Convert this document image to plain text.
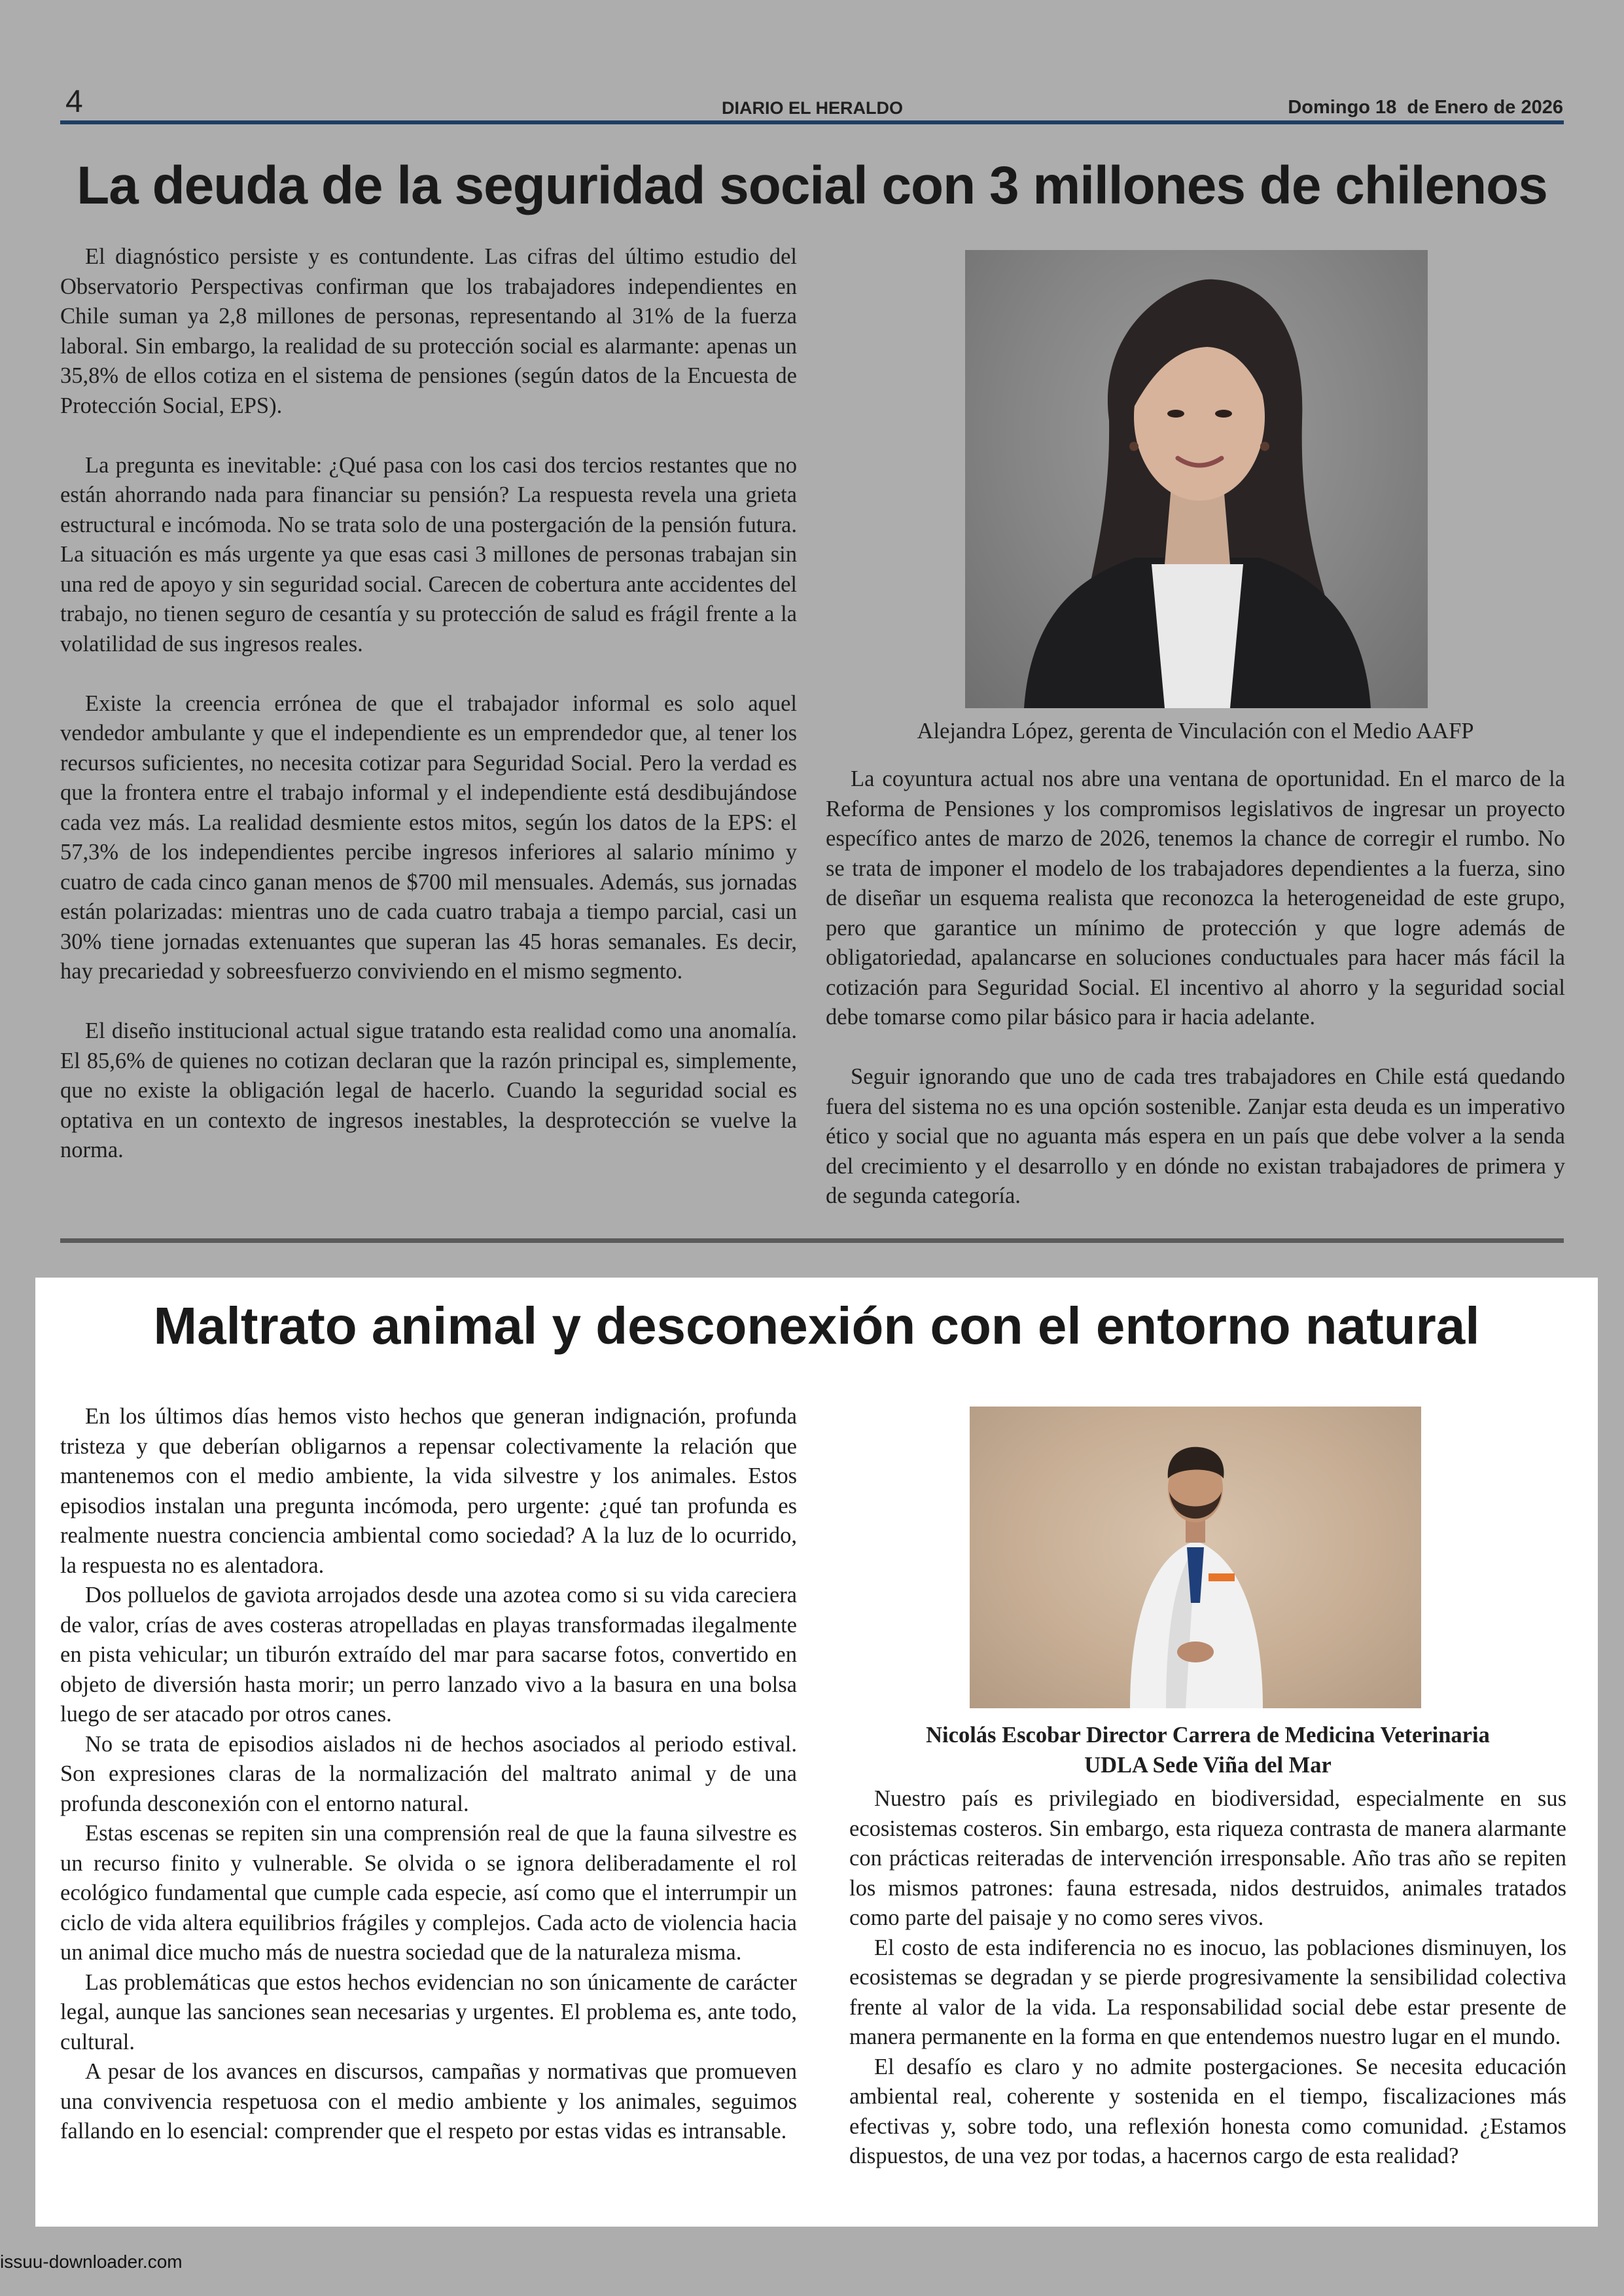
4	DIARIO EL HERALDO	Domingo 18  de Enero de 2026
La deuda de la seguridad social con 3 millones de chilenos

El diagnóstico persiste y es contundente. Las cifras del último estudio del Observatorio Perspectivas confirman que los trabajadores independientes en Chile suman ya 2,8 millones de personas, representando al 31% de la fuerza laboral. Sin embargo, la realidad de su protección social es alarmante: apenas un 35,8% de ellos cotiza en el sistema de pensiones (según datos de la Encuesta de Protección Social, EPS).

La pregunta es inevitable: ¿Qué pasa con los casi dos tercios restantes que no están ahorrando nada para financiar su pensión? La respuesta revela una grieta estructural e incómoda. No se trata solo de una postergación de la pensión futura. La situación es más urgente ya que esas casi 3 millones de personas trabajan sin una red de apoyo y sin seguridad social. Carecen de cobertura ante accidentes del trabajo, no tienen seguro de cesantía y su protección de salud es frágil frente a la volatilidad de sus ingresos reales.

Existe la creencia errónea de que el trabajador informal es solo aquel vendedor ambulante y que el independiente es un emprendedor que, al tener los recursos suficientes, no necesita cotizar para Seguridad Social. Pero la verdad es que la frontera entre el trabajo informal y el independiente está desdibujándose cada vez más. La realidad desmiente estos mitos, según los datos de la EPS: el 57,3% de los independientes percibe ingresos inferiores al salario mínimo y cuatro de cada cinco ganan menos de $700 mil mensuales. Además, sus jornadas están polarizadas: mientras uno de cada cuatro trabaja a tiempo parcial, casi un 30% tiene jornadas extenuantes que superan las 45 horas semanales. Es decir, hay precariedad y sobreesfuerzo conviviendo en el mismo segmento.

El diseño institucional actual sigue tratando esta realidad como una anomalía. El 85,6% de quienes no cotizan declaran que la razón principal es, simplemente, que no existe la obligación legal de hacerlo. Cuando la seguridad social es optativa en un contexto de ingresos inestables, la desprotección se vuelve la norma.

Alejandra López, gerenta de Vinculación con el Medio AAFP

La coyuntura actual nos abre una ventana de oportunidad. En el marco de la Reforma de Pensiones y los compromisos legislativos de ingresar un proyecto específico antes de marzo de 2026, tenemos la chance de corregir el rumbo. No se trata de imponer el modelo de los trabajadores dependientes a la fuerza, sino de diseñar un esquema realista que reconozca la heterogeneidad de este grupo, pero que garantice un mínimo de protección y que logre además de obligatoriedad, apalancarse en soluciones conductuales para hacer más fácil la cotización para Seguridad Social. El incentivo al ahorro y la seguridad social debe tomarse como pilar básico para ir hacia adelante.

Seguir ignorando que uno de cada tres trabajadores en Chile está quedando fuera del sistema no es una opción sostenible. Zanjar esta deuda es un imperativo ético y social que no aguanta más espera en un país que debe volver a la senda del crecimiento y el desarrollo y en dónde no existan trabajadores de primera y de segunda categoría.

Maltrato animal y desconexión con el entorno natural

En los últimos días hemos visto hechos que generan indignación, profunda tristeza y que deberían obligarnos a repensar colectivamente la relación que mantenemos con el medio ambiente, la vida silvestre y los animales. Estos episodios instalan una pregunta incómoda, pero urgente: ¿qué tan profunda es realmente nuestra conciencia ambiental como sociedad? A la luz de lo ocurrido, la respuesta no es alentadora.

Dos polluelos de gaviota arrojados desde una azotea como si su vida careciera de valor, crías de aves costeras atropelladas en playas transformadas ilegalmente en pista vehicular; un tiburón extraído del mar para sacarse fotos, convertido en objeto de diversión hasta morir; un perro lanzado vivo a la basura en una bolsa luego de ser atacado por otros canes.

No se trata de episodios aislados ni de hechos asociados al periodo estival. Son expresiones claras de la normalización del maltrato animal y de una profunda desconexión con el entorno natural.

Estas escenas se repiten sin una comprensión real de que la fauna silvestre es un recurso finito y vulnerable. Se olvida o se ignora deliberadamente el rol ecológico fundamental que cumple cada especie, así como que el interrumpir un ciclo de vida altera equilibrios frágiles y complejos. Cada acto de violencia hacia un animal dice mucho más de nuestra sociedad que de la naturaleza misma.

Las problemáticas que estos hechos evidencian no son únicamente de carácter legal, aunque las sanciones sean necesarias y urgentes. El problema es, ante todo, cultural.

A pesar de los avances en discursos, campañas y normativas que promueven una convivencia respetuosa con el medio ambiente y los animales, seguimos fallando en lo esencial: comprender que el respeto por estas vidas es intransable.

Nicolás Escobar Director Carrera de Medicina Veterinaria
UDLA Sede Viña del Mar

Nuestro país es privilegiado en biodiversidad, especialmente en sus ecosistemas costeros. Sin embargo, esta riqueza contrasta de manera alarmante con prácticas reiteradas de intervención irresponsable. Año tras año se repiten los mismos patrones: fauna estresada, nidos destruidos, animales tratados como parte del paisaje y no como seres vivos.

El costo de esta indiferencia no es inocuo, las poblaciones disminuyen, los ecosistemas se degradan y se pierde progresivamente la sensibilidad colectiva frente al valor de la vida. La responsabilidad social debe estar presente de manera permanente en la forma en que entendemos nuestro lugar en el mundo.

El desafío es claro y no admite postergaciones. Se necesita educación ambiental real, coherente y sostenida en el tiempo, fiscalizaciones más efectivas y, sobre todo, una reflexión honesta como comunidad. ¿Estamos dispuestos, de una vez por todas, a hacernos cargo de esta realidad?

issuu-downloader.com
